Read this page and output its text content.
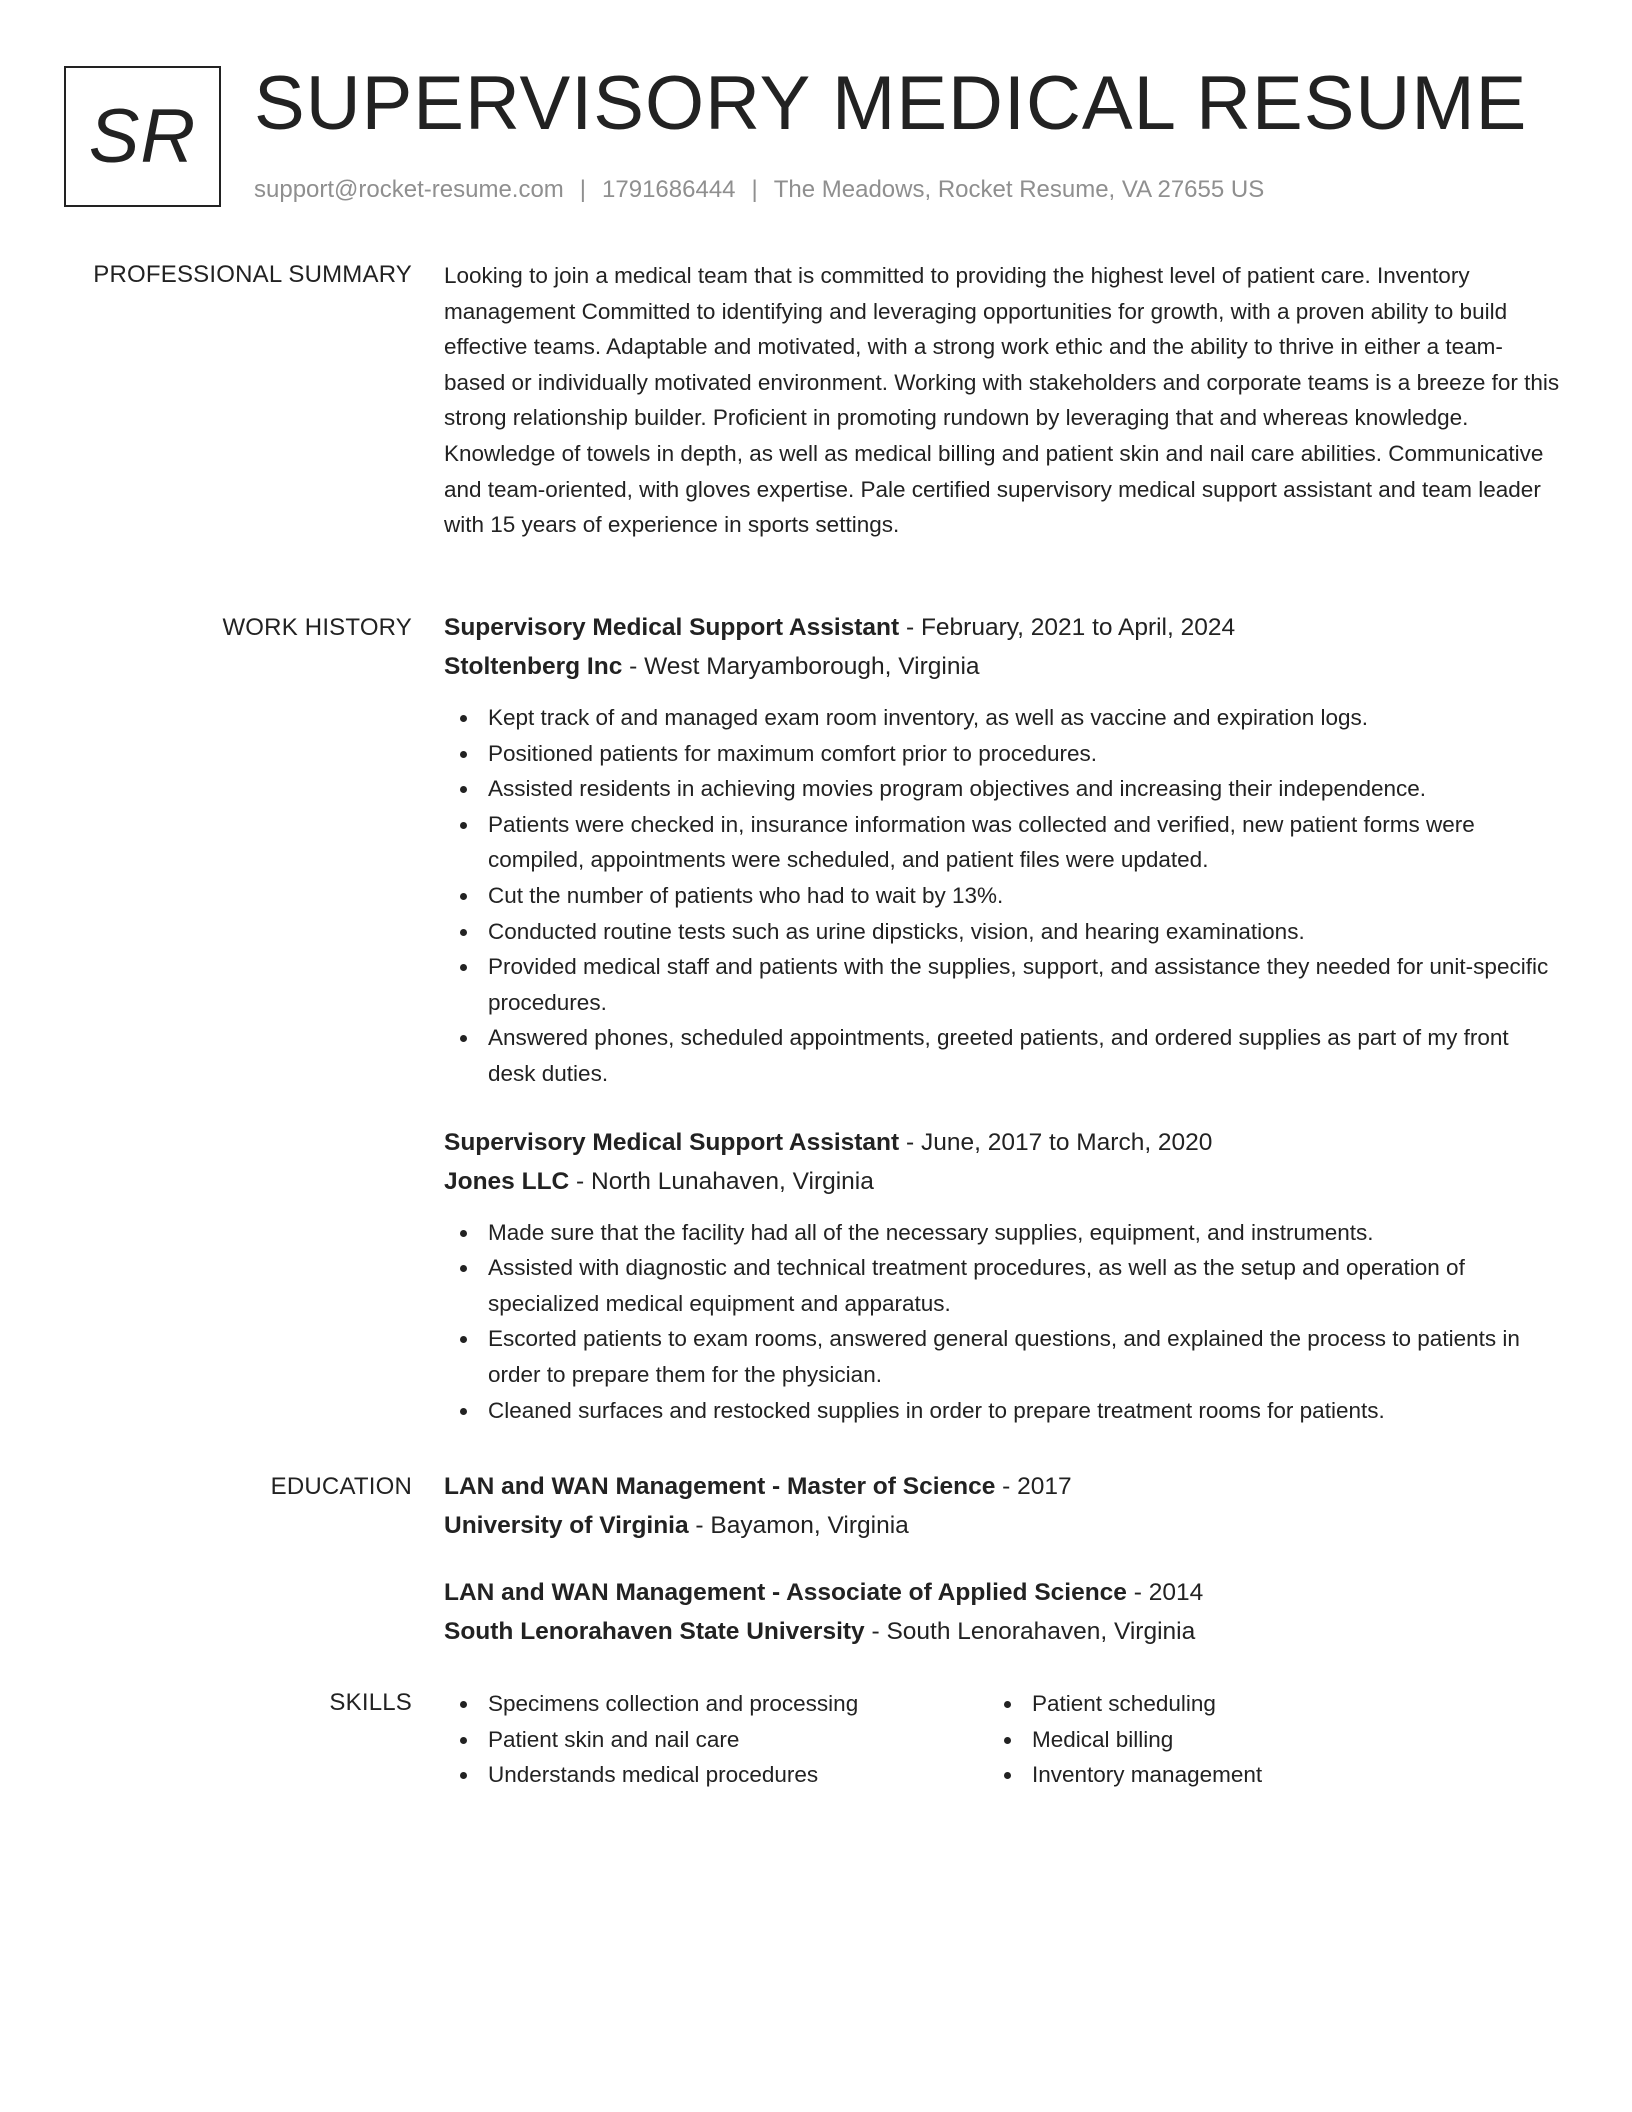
SR SUPERVISORY MEDICAL RESUME
support@rocket-resume.com | 1791686444 | The Meadows, Rocket Resume, VA 27655 US
PROFESSIONAL SUMMARY Looking to join a medical team that is committed to providing the highest level of patient care. Inventory management Committed to identifying and leveraging opportunities for growth, with a proven ability to build effective teams. Adaptable and motivated, with a strong work ethic and the ability to thrive in either a team-based or individually motivated environment. Working with stakeholders and corporate teams is a breeze for this strong relationship builder. Proficient in promoting rundown by leveraging that and whereas knowledge. Knowledge of towels in depth, as well as medical billing and patient skin and nail care abilities. Communicative and team-oriented, with gloves expertise. Pale certified supervisory medical support assistant and team leader with 15 years of experience in sports settings.

WORK HISTORY Supervisory Medical Support Assistant - February, 2021 to April, 2024
Stoltenberg Inc - West Maryamborough, Virginia
Kept track of and managed exam room inventory, as well as vaccine and expiration logs.
Positioned patients for maximum comfort prior to procedures.
Assisted residents in achieving movies program objectives and increasing their independence.
Patients were checked in, insurance information was collected and verified, new patient forms were compiled, appointments were scheduled, and patient files were updated.
Cut the number of patients who had to wait by 13%.
Conducted routine tests such as urine dipsticks, vision, and hearing examinations.
Provided medical staff and patients with the supplies, support, and assistance they needed for unit-specific procedures.
Answered phones, scheduled appointments, greeted patients, and ordered supplies as part of my front desk duties.
Supervisory Medical Support Assistant - June, 2017 to March, 2020
Jones LLC - North Lunahaven, Virginia
Made sure that the facility had all of the necessary supplies, equipment, and instruments.
Assisted with diagnostic and technical treatment procedures, as well as the setup and operation of specialized medical equipment and apparatus.
Escorted patients to exam rooms, answered general questions, and explained the process to patients in order to prepare them for the physician.
Cleaned surfaces and restocked supplies in order to prepare treatment rooms for patients.
EDUCATION LAN and WAN Management - Master of Science - 2017
University of Virginia - Bayamon, Virginia
LAN and WAN Management - Associate of Applied Science - 2014
South Lenorahaven State University - South Lenorahaven, Virginia
SKILLS	Specimens collection and processing
Patient skin and nail care
Understands medical procedures
Patient scheduling
Medical billing
Inventory management
